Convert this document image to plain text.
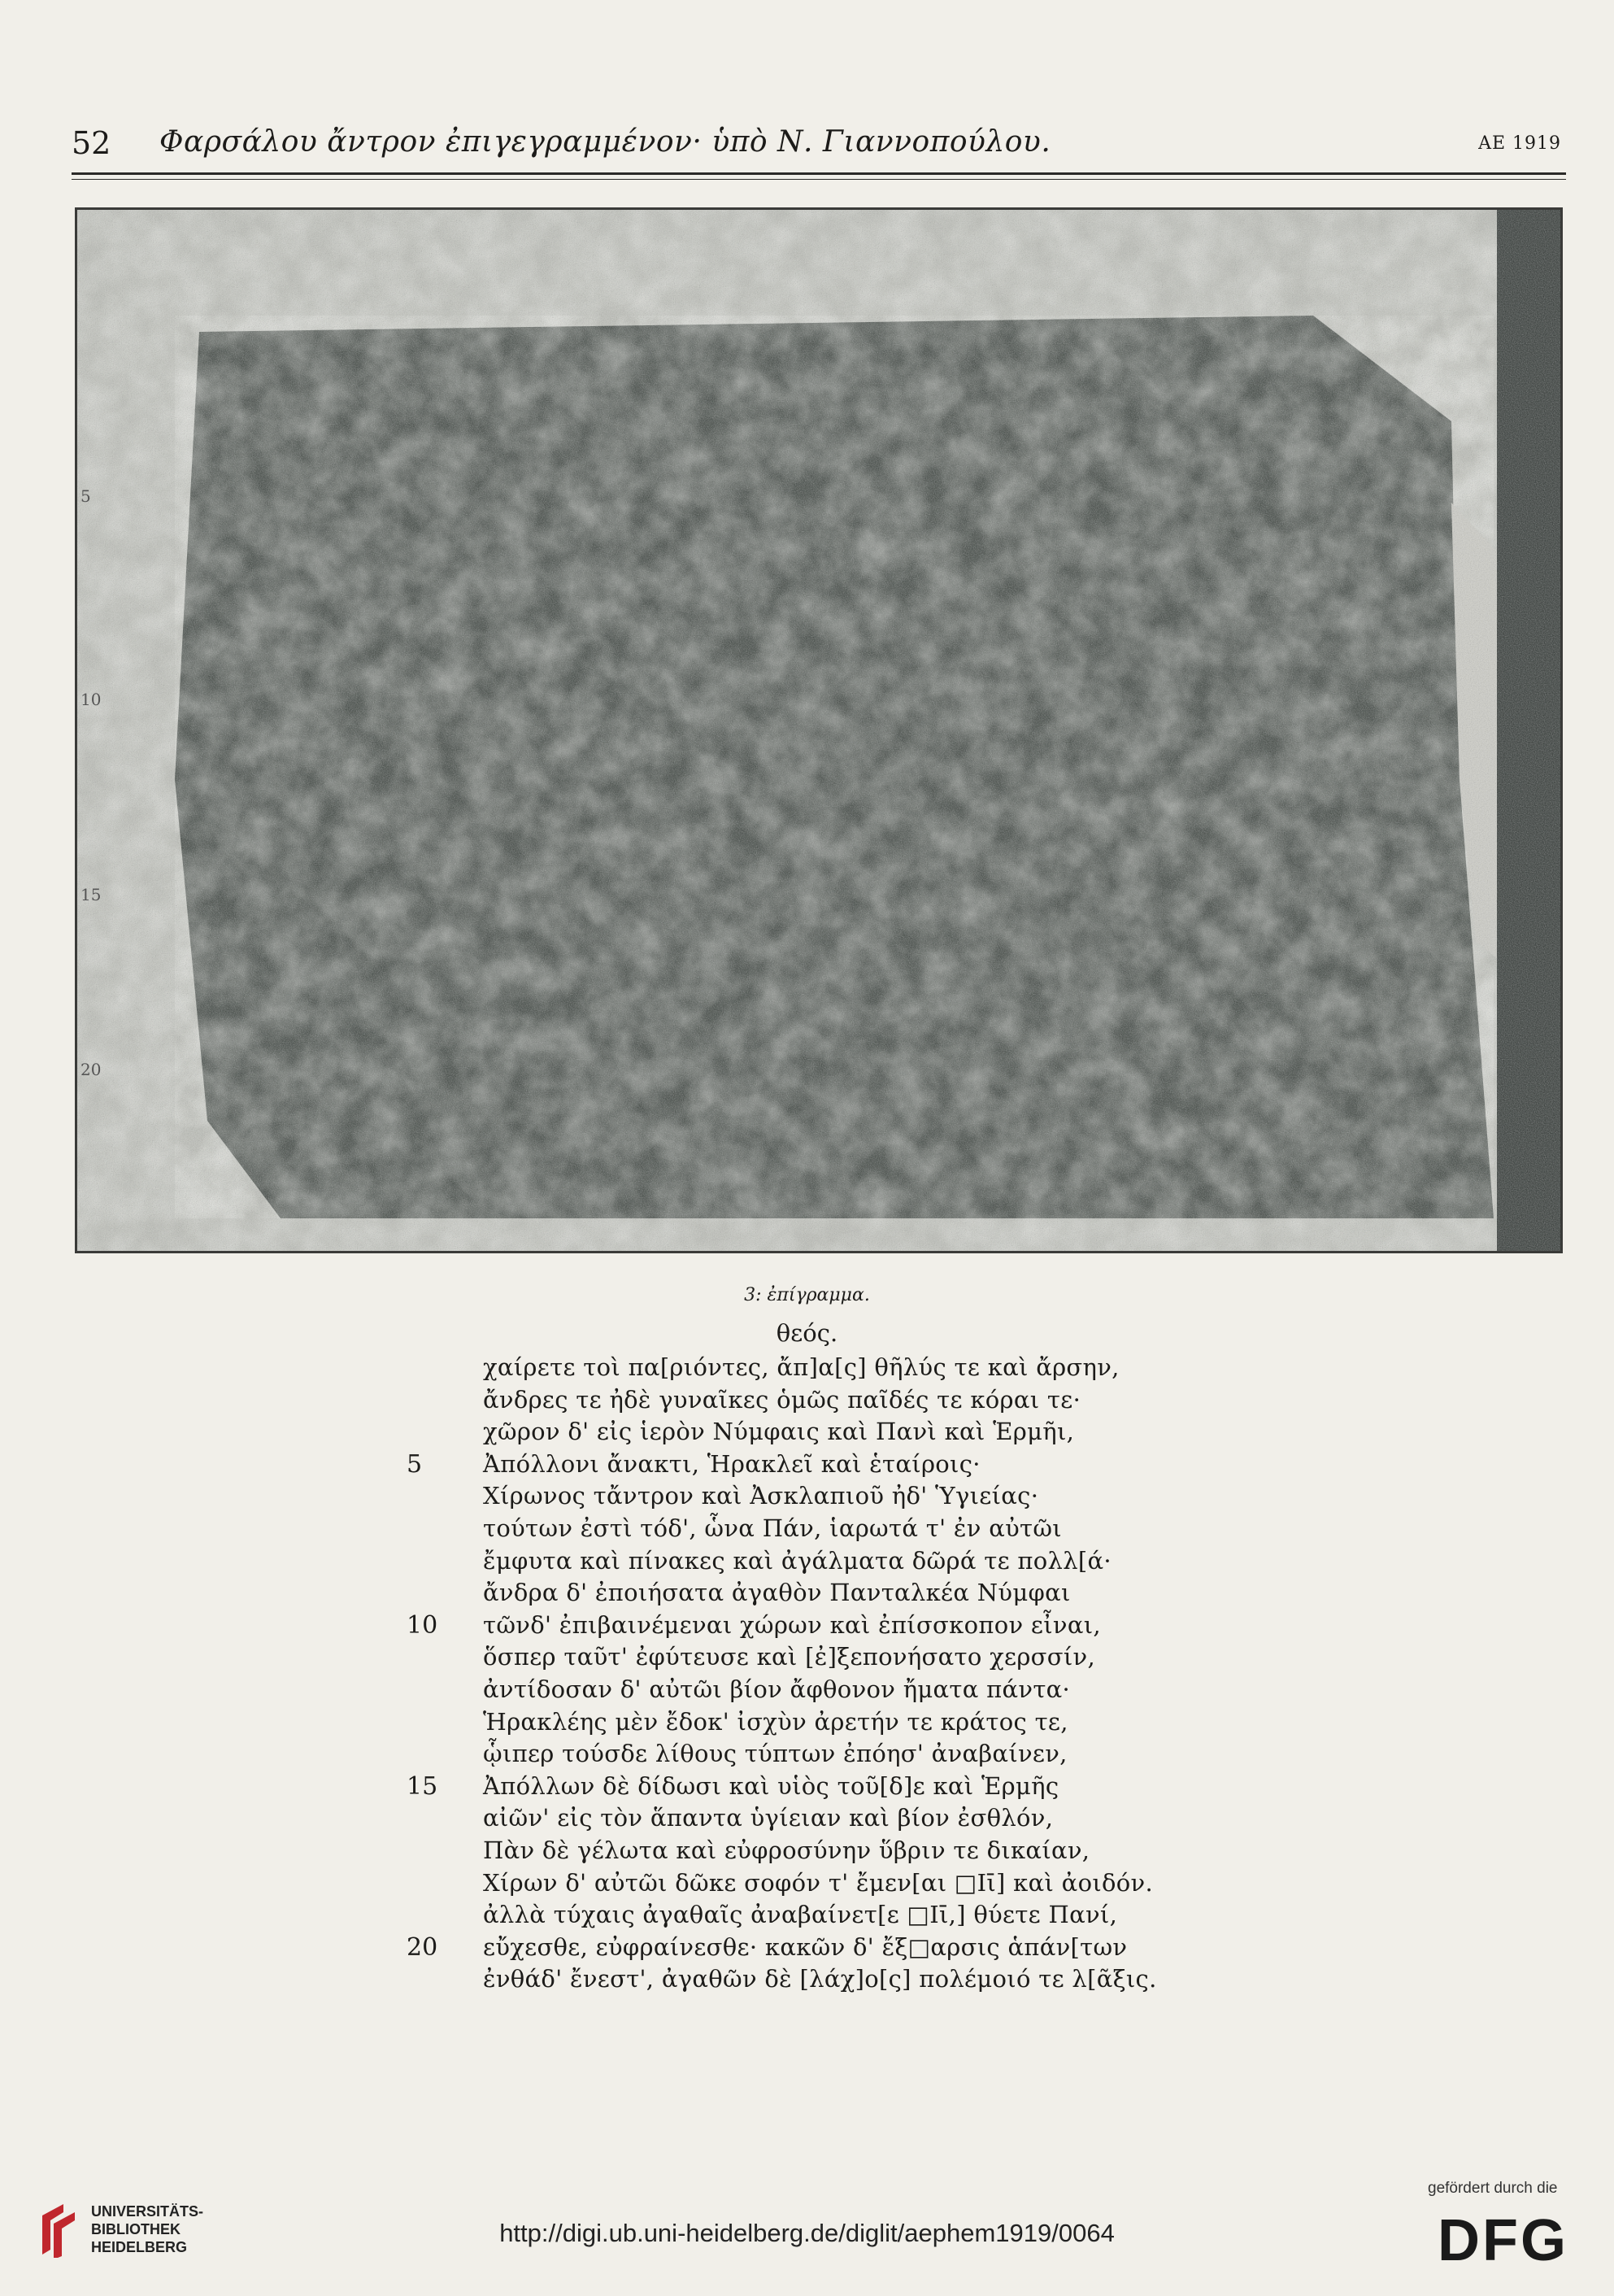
52 Φαρσάλου ἄντρον ἐπιγεγραμμένον· ὑπὸ Ν. Γιαννοπούλου.	ΑΕ 1919
5
10
15
20
3: ἐπίγραμμα.
θεός.
χαίρετε τοὶ πα[ριόντες, ἄπ]α[ς] θῆλύς τε καὶ ἄρσην,
ἄνδρες τε ἠδὲ γυναῖκες ὁμῶς παῖδές τε κόραι τε·
χῶρον δ' εἰς ἱερὸν Νύμφαις καὶ Πανὶ καὶ Ἑρμῆι,
Ἀπόλλονι ἄνακτι, Ἡρακλεῖ καὶ ἑταίροις·
5
Χίρωνος τἄντρον καὶ Ἀσκλαπιοῦ ἠδ' Ὑγιείας·
τούτων ἐστὶ τόδ', ὧνα Πάν, ἱαρωτά τ' ἐν αὐτῶι
ἔμφυτα καὶ πίνακες καὶ ἀγάλματα δῶρά τε πολλ[ά·
ἄνδρα δ' ἐποιήσατα ἀγαθὸν Πανταλκέα Νύμφαι
τῶνδ' ἐπιβαινέμεναι χώρων καὶ ἐπίσσκοπον εἶναι,
10
ὅσπερ ταῦτ' ἐφύτευσε καὶ [ἐ]ξεπονήσατο χερσσίν,
ἀντίδοσαν δ' αὐτῶι βίον ἄφθονον ἤματα πάντα·
Ἡρακλέης μὲν ἔδοκ' ἰσχὺν ἀρετήν τε κράτος τε,
ᾧιπερ τούσδε λίθους τύπτων ἐπόησ' ἀναβαίνεν,
Ἀπόλλων δὲ δίδωσι καὶ υἱὸς τοῦ[δ]ε καὶ Ἑρμῆς
15
αἰῶν' εἰς τὸν ἅπαντα ὑγίειαν καὶ βίον ἐσθλόν,
Πὰν δὲ γέλωτα καὶ εὐφροσύνην ὕβριν τε δικαίαν,
Χίρων δ' αὐτῶι δῶκε σοφόν τ' ἔμεν[αι □Ιῑ] καὶ ἀοιδόν.
ἀλλὰ τύχαις ἀγαθαῖς ἀναβαίνετ[ε □Ιῑ,] θύετε Πανί,
εὔχεσθε, εὐφραίνεσθε· κακῶν δ' ἔξ□αρσις ἁπάν[των
20
ἐνθάδ' ἔνεστ', ἀγαθῶν δὲ [λάχ]ο[ς] πολέμοιό τε λ[ᾶξις.
UNIVERSITÄTS-
BIBLIOTHEK
HEIDELBERG	http://digi.ub.uni-heidelberg.de/diglit/aephem1919/0064
gefördert durch die
DFG
